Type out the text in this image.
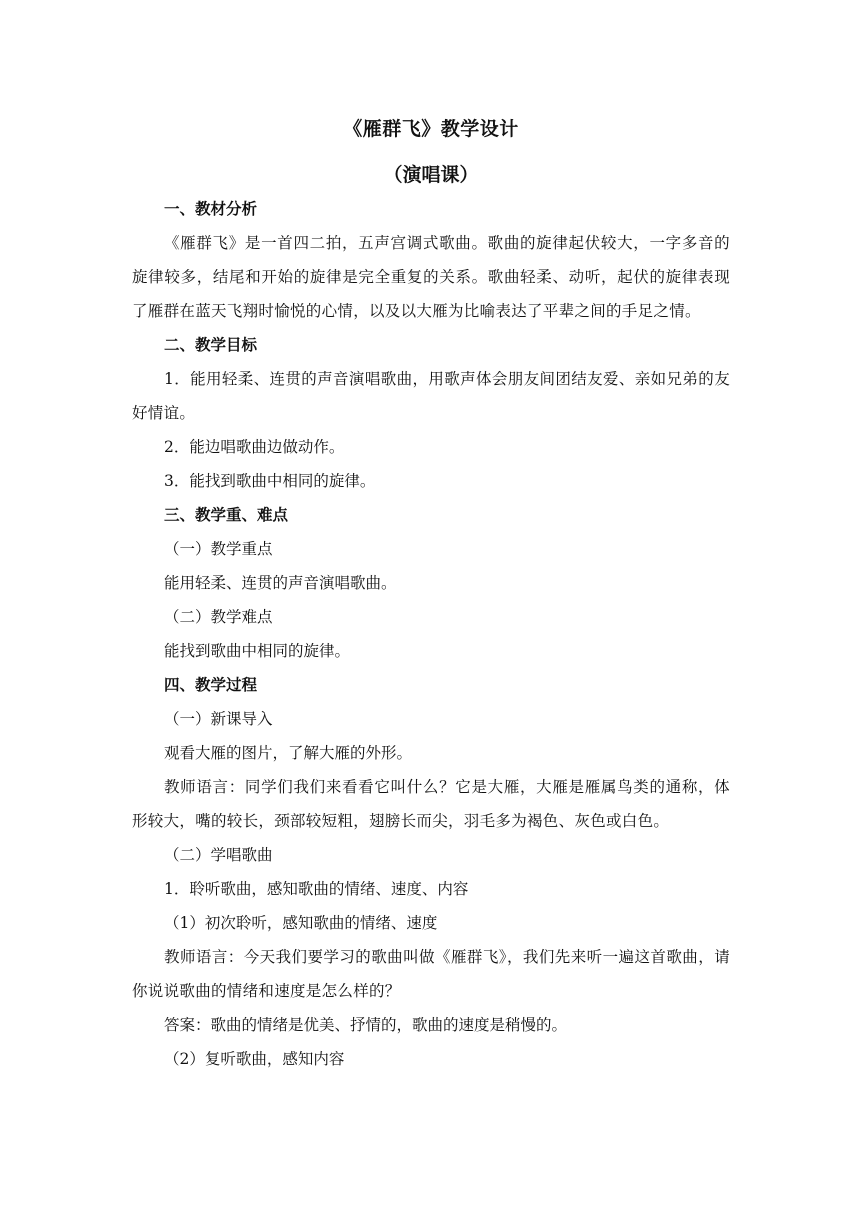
《雁群飞》教学设计

（演唱课）

一、教材分析

《雁群飞》是一首四二拍，五声宫调式歌曲。歌曲的旋律起伏较大，一字多音的旋律较多，结尾和开始的旋律是完全重复的关系。歌曲轻柔、动听，起伏的旋律表现了雁群在蓝天飞翔时愉悦的心情，以及以大雁为比喻表达了平辈之间的手足之情。

二、教学目标

1．能用轻柔、连贯的声音演唱歌曲，用歌声体会朋友间团结友爱、亲如兄弟的友好情谊。

2．能边唱歌曲边做动作。

3．能找到歌曲中相同的旋律。

三、教学重、难点

（一）教学重点

能用轻柔、连贯的声音演唱歌曲。

（二）教学难点

能找到歌曲中相同的旋律。

四、教学过程

（一）新课导入

观看大雁的图片，了解大雁的外形。

教师语言：同学们我们来看看它叫什么？它是大雁，大雁是雁属鸟类的通称，体形较大，嘴的较长，颈部较短粗，翅膀长而尖，羽毛多为褐色、灰色或白色。

（二）学唱歌曲

1．聆听歌曲，感知歌曲的情绪、速度、内容

（1）初次聆听，感知歌曲的情绪、速度

教师语言：今天我们要学习的歌曲叫做《雁群飞》，我们先来听一遍这首歌曲，请你说说歌曲的情绪和速度是怎么样的？

答案：歌曲的情绪是优美、抒情的，歌曲的速度是稍慢的。

（2）复听歌曲，感知内容
